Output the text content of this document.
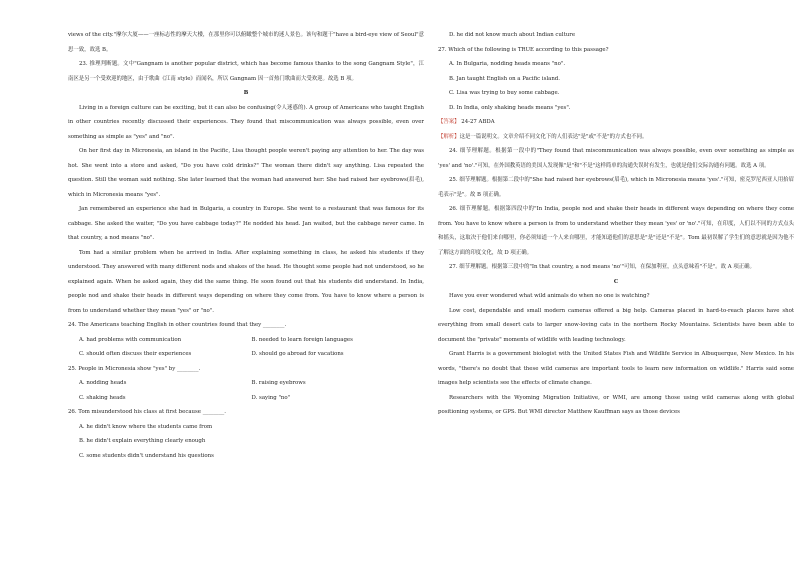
views of the city."摩尔大厦——一座标志性的摩天大楼，在那里你可以俯瞰整个城市的迷人景色。该句和题干"have a bird-eye view of Seoul"意思一致，故选 B。

23. 推理判断题。文中"Gangnam is another popular district, which has become famous thanks to the song Gangnam Style"，江南区是另一个受欢迎的地区，由于歌曲《江南 style》而闻名，所以 Gangnam 因一首热门歌曲而大受欢迎。故选 B 项。

B

Living in a foreign culture can be exciting, but it can also be confusing(令人迷惑的). A group of Americans who taught English in other countries recently discussed their experiences. They found that miscommunication was always possible, even over something as simple as "yes" and "no".

On her first day in Micronesia, an island in the Pacific, Lisa thought people weren't paying any attention to her. The day was hot. She went into a store and asked, "Do you have cold drinks?" The woman there didn't say anything. Lisa repeated the question. Still the woman said nothing. She later learned that the woman had answered her: She had raised her eyebrows(眉毛), which in Micronesia means "yes".

Jan remembered an experience she had in Bulgaria, a country in Europe. She went to a restaurant that was famous for its cabbage. She asked the waiter, "Do you have cabbage today?" He nodded his head. Jan waited, but the cabbage never came. In that country, a nod means "no".

Tom had a similar problem when he arrived in India. After explaining something in class, he asked his students if they understood. They answered with many different nods and shakes of the head. He thought some people had not understood, so he explained again. When he asked again, they did the same thing. He soon found out that his students did understand. In India, people nod and shake their heads in different ways depending on where they come from. You have to know where a person is from to understand whether they mean "yes" or "no".

24. The Americans teaching English in other countries found that they ________.

A. had problems with communication	B. needed to learn foreign languages
C. should often discuss their experiences	D. should go abroad for vacations

25. People in Micronesia show "yes" by ________.

A. nodding heads	B. raising eyebrows
C. shaking heads	D. saying "no"

26. Tom misunderstood his class at first because ________.

A. he didn't know where the students came from

B. he didn't explain everything clearly enough

C. some students didn't understand his questions

D. he did not know much about Indian culture

27. Which of the following is TRUE according to this passage?

A. In Bulgaria, nodding heads means "no".

B. Jan taught English on a Pacific island.

C. Lisa was trying to buy some cabbage.

D. In India, only shaking heads means "yes".

【答案】 24-27 ABDA

【解析】这是一篇说明文。文章介绍不同文化下的人们表达"是"或"不是"的方式也不同。

24. 细节理解题。根据第一段中的"They found that miscommunication was always possible, even over something as simple as 'yes' and 'no'."可知，在外国教英语的美国人发现像"是"和"不是"这样简单的沟通失误时有发生，也就是他们交际沟通有问题。故选 A 项。

25. 细节理解题。根据第二段中的"She had raised her eyebrows(眉毛), which in Micronesia means 'yes'."可知，密克罗尼西亚人用抬眉毛表示"是"。故 B 项正确。

26. 细节理解题。根据第四段中的"In India, people nod and shake their heads in different ways depending on where they come from. You have to know where a person is from to understand whether they mean 'yes' or 'no'."可知，在印度，人们以不同的方式点头和摇头，这取决于他们来自哪里，你必须知道一个人来自哪里，才能知道他们的意思是"是"还是"不是"。Tom 最初误解了学生们的意思就是因为他不了解这方面的印度文化，故 D 项正确。

27. 细节理解题。根据第三段中的"In that country, a nod means 'no'"可知，在保加利亚，点头意味着"不是"。故 A 项正确。

C

Have you ever wondered what wild animals do when no one is watching?

Low cost, dependable and small modern cameras offered a big help. Cameras placed in hard-to-reach places have shot everything from small desert cats to larger snow-loving cats in the northern Rocky Mountains. Scientists have been able to document the "private" moments of wildlife with leading technology.

Grant Harris is a government biologist with the United States Fish and Wildlife Service in Albuquerque, New Mexico. In his words, "there's no doubt that these wild cameras are important tools to learn new information on wildlife." Harris said some images help scientists see the effects of climate change.

Researchers with the Wyoming Migration Initiative, or WMI, are among those using wild cameras along with global positioning systems, or GPS. But WMI director Matthew Kauffman says as those devices
